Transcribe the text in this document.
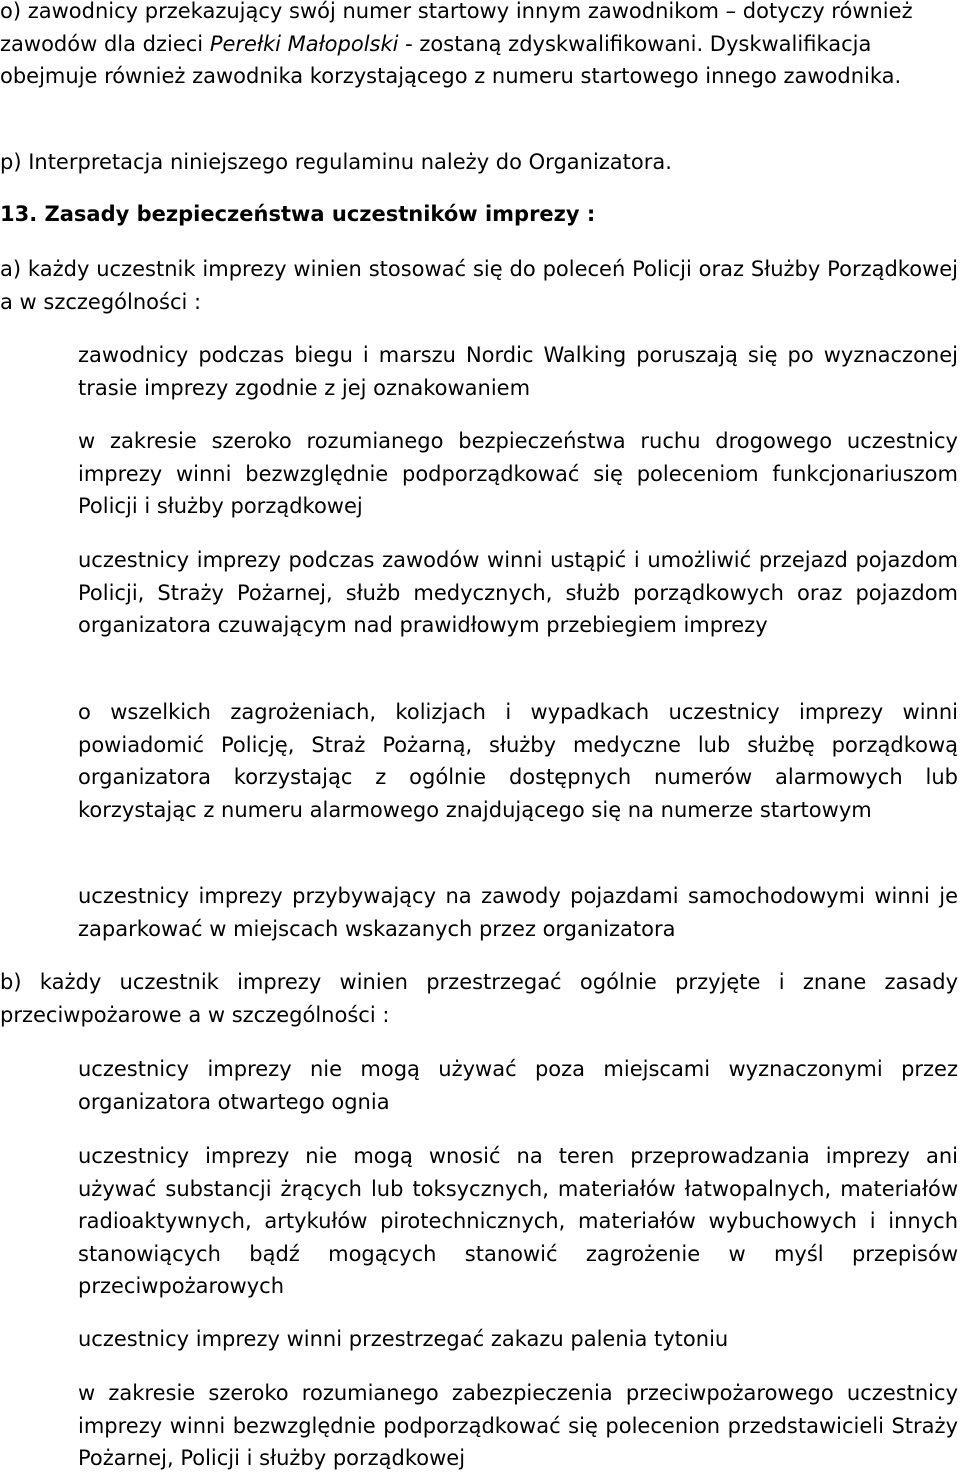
o) zawodnicy przekazujący swój numer startowy innym zawodnikom – dotyczy również zawodów dla dzieci Perełki Małopolski - zostaną zdyskwalifikowani. Dyskwalifikacja obejmuje również zawodnika korzystającego z numeru startowego innego zawodnika.

p) Interpretacja niniejszego regulaminu należy do Organizatora.

13. Zasady bezpieczeństwa uczestników imprezy :

a) każdy uczestnik imprezy winien stosować się do poleceń Policji oraz Służby Porządkowej a w szczególności :

zawodnicy podczas biegu i marszu Nordic Walking poruszają się po wyznaczonej trasie imprezy zgodnie z jej oznakowaniem

w zakresie szeroko rozumianego bezpieczeństwa ruchu drogowego uczestnicy imprezy winni bezwzględnie podporządkować się poleceniom funkcjonariuszom Policji i służby porządkowej

uczestnicy imprezy podczas zawodów winni ustąpić i umożliwić przejazd pojazdom Policji, Straży Pożarnej, służb medycznych, służb porządkowych oraz pojazdom organizatora czuwającym nad prawidłowym przebiegiem imprezy

o wszelkich zagrożeniach, kolizjach i wypadkach uczestnicy imprezy winni powiadomić Policję, Straż Pożarną, służby medyczne lub służbę porządkową organizatora korzystając z ogólnie dostępnych numerów alarmowych lub korzystając z numeru alarmowego znajdującego się na numerze startowym

uczestnicy imprezy przybywający na zawody pojazdami samochodowymi winni je zaparkować w miejscach wskazanych przez organizatora

b) każdy uczestnik imprezy winien przestrzegać ogólnie przyjęte i znane zasady przeciwpożarowe a w szczególności :

uczestnicy imprezy nie mogą używać poza miejscami wyznaczonymi przez organizatora otwartego ognia

uczestnicy imprezy nie mogą wnosić na teren przeprowadzania imprezy ani używać substancji żrących lub toksycznych, materiałów łatwopalnych, materiałów radioaktywnych, artykułów pirotechnicznych, materiałów wybuchowych i innych stanowiących bądź mogących stanowić zagrożenie w myśl przepisów przeciwpożarowych

uczestnicy imprezy winni przestrzegać zakazu palenia tytoniu

w zakresie szeroko rozumianego zabezpieczenia przeciwpożarowego uczestnicy imprezy winni bezwzględnie podporządkować się polecenion przedstawicieli Straży Pożarnej, Policji i służby porządkowej
